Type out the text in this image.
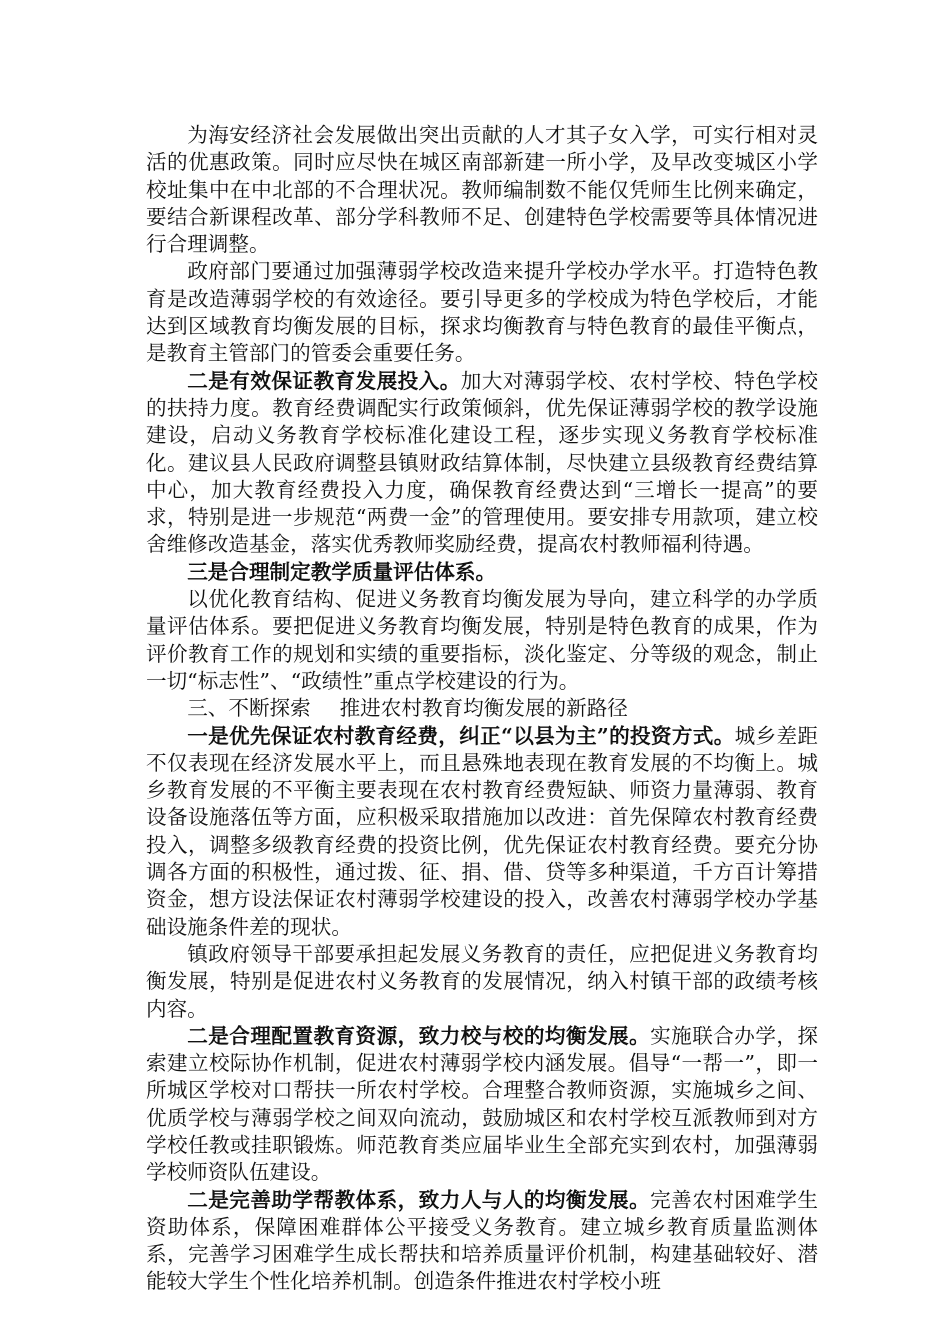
为海安经济社会发展做出突出贡献的人才其子女入学，可实行相对灵活的优惠政策。同时应尽快在城区南部新建一所小学，及早改变城区小学校址集中在中北部的不合理状况。教师编制数不能仅凭师生比例来确定，要结合新课程改革、部分学科教师不足、创建特色学校需要等具体情况进行合理调整。

政府部门要通过加强薄弱学校改造来提升学校办学水平。打造特色教育是改造薄弱学校的有效途径。要引导更多的学校成为特色学校后，才能达到区域教育均衡发展的目标，探求均衡教育与特色教育的最佳平衡点，是教育主管部门的管委会重要任务。

二是有效保证教育发展投入。加大对薄弱学校、农村学校、特色学校的扶持力度。教育经费调配实行政策倾斜，优先保证薄弱学校的教学设施建设，启动义务教育学校标准化建设工程，逐步实现义务教育学校标准化。建议县人民政府调整县镇财政结算体制，尽快建立县级教育经费结算中心，加大教育经费投入力度，确保教育经费达到“三增长一提高”的要求，特别是进一步规范“两费一金”的管理使用。要安排专用款项，建立校舍维修改造基金，落实优秀教师奖励经费，提高农村教师福利待遇。

三是合理制定教学质量评估体系。

以优化教育结构、促进义务教育均衡发展为导向，建立科学的办学质量评估体系。要把促进义务教育均衡发展，特别是特色教育的成果，作为评价教育工作的规划和实绩的重要指标，淡化鉴定、分等级的观念，制止一切“标志性”、“政绩性”重点学校建设的行为。

三、不断探索 推进农村教育均衡发展的新路径

一是优先保证农村教育经费，纠正“以县为主”的投资方式。城乡差距不仅表现在经济发展水平上，而且悬殊地表现在教育发展的不均衡上。城乡教育发展的不平衡主要表现在农村教育经费短缺、师资力量薄弱、教育设备设施落伍等方面，应积极采取措施加以改进：首先保障农村教育经费投入，调整多级教育经费的投资比例，优先保证农村教育经费。要充分协调各方面的积极性，通过拨、征、捐、借、贷等多种渠道，千方百计筹措资金，想方设法保证农村薄弱学校建设的投入，改善农村薄弱学校办学基础设施条件差的现状。

镇政府领导干部要承担起发展义务教育的责任，应把促进义务教育均衡发展，特别是促进农村义务教育的发展情况，纳入村镇干部的政绩考核内容。

二是合理配置教育资源，致力校与校的均衡发展。实施联合办学，探索建立校际协作机制，促进农村薄弱学校内涵发展。倡导“一帮一”，即一所城区学校对口帮扶一所农村学校。合理整合教师资源，实施城乡之间、优质学校与薄弱学校之间双向流动，鼓励城区和农村学校互派教师到对方学校任教或挂职锻炼。师范教育类应届毕业生全部充实到农村，加强薄弱学校师资队伍建设。

二是完善助学帮教体系，致力人与人的均衡发展。完善农村困难学生资助体系，保障困难群体公平接受义务教育。建立城乡教育质量监测体系，完善学习困难学生成长帮扶和培养质量评价机制，构建基础较好、潜能较大学生个性化培养机制。创造条件推进农村学校小班
